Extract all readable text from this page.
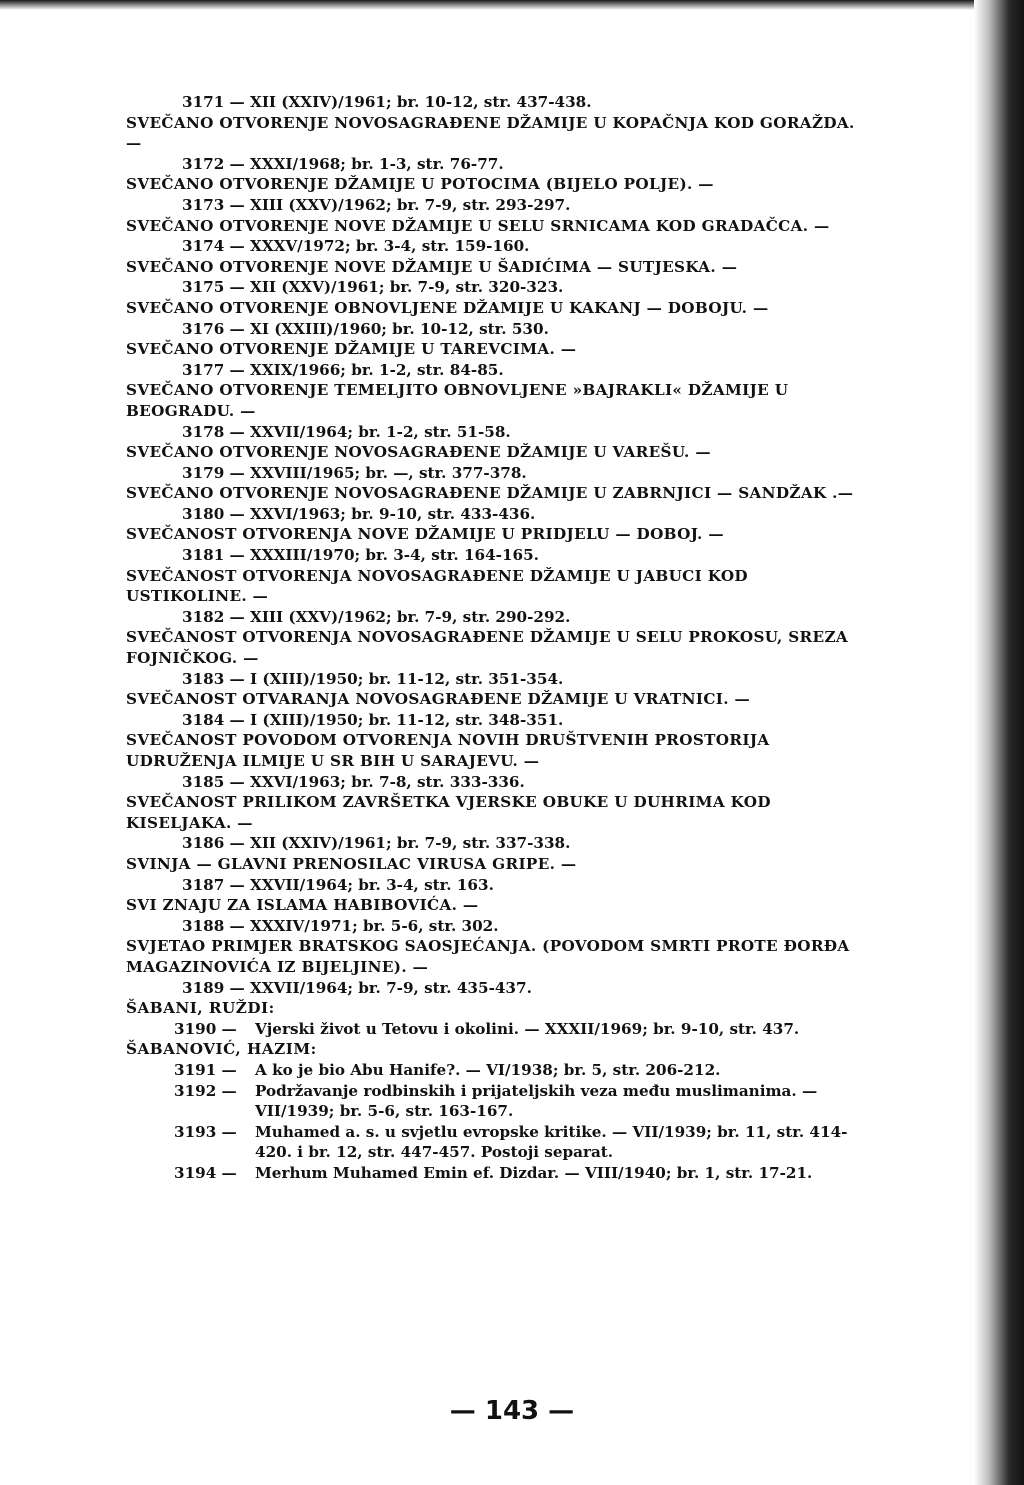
3171 — XII (XXIV)/1961; br. 10-12, str. 437-438.

SVEČANO OTVORENJE NOVOSAGRAĐENE DŽAMIJE U KOPAČNJA KOD GORAŽDA. —

3172 — XXXI/1968; br. 1-3, str. 76-77.

SVEČANO OTVORENJE DŽAMIJE U POTOCIMA (BIJELO POLJE). —

3173 — XIII (XXV)/1962; br. 7-9, str. 293-297.

SVEČANO OTVORENJE NOVE DŽAMIJE U SELU SRNICAMA KOD GRADAČCA. —

3174 — XXXV/1972; br. 3-4, str. 159-160.

SVEČANO OTVORENJE NOVE DŽAMIJE U ŠADIĆIMA — SUTJESKA. —

3175 — XII (XXV)/1961; br. 7-9, str. 320-323.

SVEČANO OTVORENJE OBNOVLJENE DŽAMIJE U KAKANJ — DOBOJU. —

3176 — XI (XXIII)/1960; br. 10-12, str. 530.

SVEČANO OTVORENJE DŽAMIJE U TAREVCIMA. —

3177 — XXIX/1966; br. 1-2, str. 84-85.

SVEČANO OTVORENJE TEMELJITO OBNOVLJENE »BAJRAKLI« DŽAMIJE U BEOGRADU. —

3178 — XXVII/1964; br. 1-2, str. 51-58.

SVEČANO OTVORENJE NOVOSAGRAĐENE DŽAMIJE U VAREŠU. —

3179 — XXVIII/1965; br. —, str. 377-378.

SVEČANO OTVORENJE NOVOSAGRAĐENE DŽAMIJE U ZABRNJICI — SANDŽAK .—

3180 — XXVI/1963; br. 9-10, str. 433-436.

SVEČANOST OTVORENJA NOVE DŽAMIJE U PRIDJELU — DOBOJ. —

3181 — XXXIII/1970; br. 3-4, str. 164-165.

SVEČANOST OTVORENJA NOVOSAGRAĐENE DŽAMIJE U JABUCI KOD USTIKOLINE. —

3182 — XIII (XXV)/1962; br. 7-9, str. 290-292.

SVEČANOST OTVORENJA NOVOSAGRAĐENE DŽAMIJE U SELU PROKOSU, SREZA FOJNIČKOG. —

3183 — I (XIII)/1950; br. 11-12, str. 351-354.

SVEČANOST OTVARANJA NOVOSAGRAĐENE DŽAMIJE U VRATNICI. —

3184 — I (XIII)/1950; br. 11-12, str. 348-351.

SVEČANOST POVODOM OTVORENJA NOVIH DRUŠTVENIH PROSTORIJA UDRUŽENJA ILMIJE U SR BIH U SARAJEVU. —

3185 — XXVI/1963; br. 7-8, str. 333-336.

SVEČANOST PRILIKOM ZAVRŠETKA VJERSKE OBUKE U DUHRIMA KOD KISELJAKA. —

3186 — XII (XXIV)/1961; br. 7-9, str. 337-338.

SVINJA — GLAVNI PRENOSILAC VIRUSA GRIPE. —

3187 — XXVII/1964; br. 3-4, str. 163.

SVI ZNAJU ZA ISLAMA HABIBOVIĆA. —

3188 — XXXIV/1971; br. 5-6, str. 302.

SVJETAO PRIMJER BRATSKOG SAOSJEĆANJA. (POVODOM SMRTI PROTE ĐORĐA MAGAZINOVIĆA IZ BIJELJINE). —

3189 — XXVII/1964; br. 7-9, str. 435-437.

ŠABANI, RUŽDI:

3190 — Vjerski život u Tetovu i okolini. — XXXII/1969; br. 9-10, str. 437.

ŠABANOVIĆ, HAZIM:

3191 — A ko je bio Abu Hanife?. — VI/1938; br. 5, str. 206-212.
3192 — Podržavanje rodbinskih i prijateljskih veza među muslimanima. — VII/1939; br. 5-6, str. 163-167.
3193 — Muhamed a. s. u svjetlu evropske kritike. — VII/1939; br. 11, str. 414-420. i br. 12, str. 447-457. Postoji separat.
3194 — Merhum Muhamed Emin ef. Dizdar. — VIII/1940; br. 1, str. 17-21.
— 143 —
